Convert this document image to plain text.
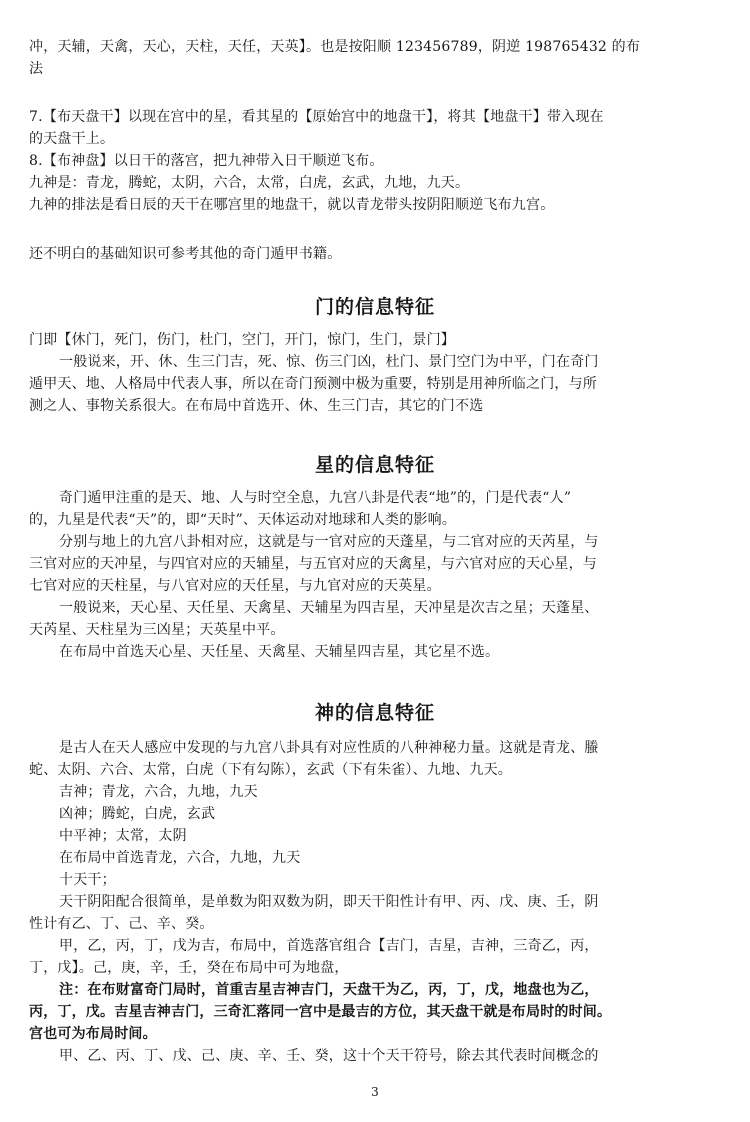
冲，天辅，天禽，天心，天柱，天任，天英】。也是按阳顺 123456789，阴逆 198765432 的布

法

7.【布天盘干】以现在宫中的星，看其星的【原始宫中的地盘干】，将其【地盘干】带入现在

的天盘干上。

8.【布神盘】以日干的落宫，把九神带入日干顺逆飞布。

九神是：青龙，腾蛇，太阴，六合，太常，白虎，玄武，九地，九天。

九神的排法是看日辰的天干在哪宫里的地盘干，就以青龙带头按阴阳顺逆飞布九宫。

还不明白的基础知识可参考其他的奇门遁甲书籍。

门的信息特征

门即【休门，死门，伤门，杜门，空门，开门，惊门，生门，景门】

一般说来，开、休、生三门吉，死、惊、伤三门凶，杜门、景门空门为中平，门在奇门

遁甲天、地、人格局中代表人事，所以在奇门预测中极为重要，特别是用神所临之门，与所

测之人、事物关系很大。在布局中首选开、休、生三门吉，其它的门不选

星的信息特征

奇门遁甲注重的是天、地、人与时空全息，九宫八卦是代表“地”的，门是代表“人”

的，九星是代表“天”的，即“天时”、天体运动对地球和人类的影响。

分别与地上的九宫八卦相对应，这就是与一官对应的天蓬星，与二官对应的天芮星，与

三官对应的天冲星，与四官对应的天辅星，与五官对应的天禽星，与六官对应的天心星，与

七官对应的天柱星，与八官对应的天任星，与九官对应的天英星。

一般说来，天心星、天任星、天禽星、天辅星为四吉星，天冲星是次吉之星；天蓬星、

天芮星、天柱星为三凶星；天英星中平。

在布局中首选天心星、天任星、天禽星、天辅星四吉星，其它星不选。

神的信息特征

是古人在天人感应中发现的与九宫八卦具有对应性质的八种神秘力量。这就是青龙、螣

蛇、太阴、六合、太常，白虎（下有勾陈），玄武（下有朱雀）、九地、九天。

吉神；青龙，六合，九地，九天

凶神；腾蛇，白虎，玄武

中平神；太常，太阴

在布局中首选青龙，六合，九地，九天

十天干；

天干阴阳配合很简单，是单数为阳双数为阴，即天干阳性计有甲、丙、戊、庚、壬，阴

性计有乙、丁、己、辛、癸。

甲，乙，丙，丁，戊为吉，布局中，首选落官组合【吉门，吉星，吉神，三奇乙，丙，

丁，戊】。己，庚，辛，壬，癸在布局中可为地盘，

注：在布财富奇门局时，首重吉星吉神吉门，天盘干为乙，丙，丁，戊，地盘也为乙，

丙，丁，戊。吉星吉神吉门，三奇汇落同一宫中是最吉的方位，其天盘干就是布局时的时间。

宫也可为布局时间。

甲、乙、丙、丁、戊、己、庚、辛、壬、癸，这十个天干符号，除去其代表时间概念的

3
